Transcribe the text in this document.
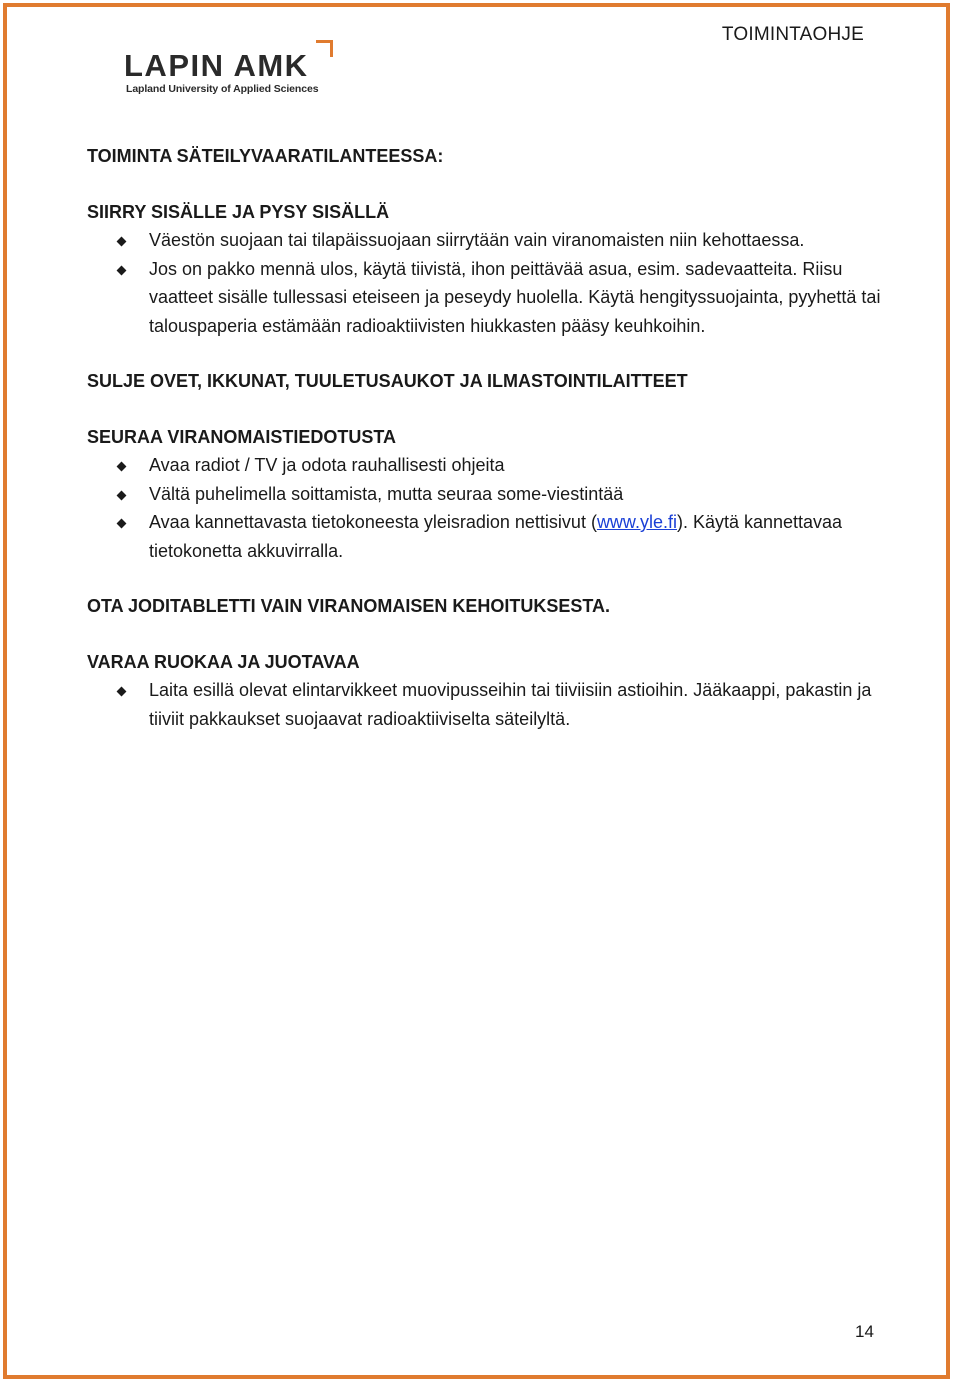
TOIMINTAOHJE
LAPIN AMK
Lapland University of Applied Sciences

TOIMINTA SÄTEILYVAARATILANTEESSA:

SIIRRY SISÄLLE JA PYSY SISÄLLÄ

Väestön suojaan tai tilapäissuojaan siirrytään vain viranomaisten niin kehottaessa.
Jos on pakko mennä ulos, käytä tiivistä, ihon peittävää asua, esim. sadevaatteita. Riisu vaatteet sisälle tullessasi eteiseen ja peseydy huolella. Käytä hengityssuojainta, pyyhettä tai talouspaperia estämään radioaktiivisten hiukkasten pääsy keuhkoihin.

SULJE OVET, IKKUNAT, TUULETUSAUKOT JA ILMASTOINTILAITTEET

SEURAA VIRANOMAISTIEDOTUSTA

Avaa radiot / TV ja odota rauhallisesti ohjeita
Vältä puhelimella soittamista, mutta seuraa some-viestintää
Avaa kannettavasta tietokoneesta yleisradion nettisivut (www.yle.fi). Käytä kannettavaa tietokonetta akkuvirralla.

OTA JODITABLETTI VAIN VIRANOMAISEN KEHOITUKSESTA.

VARAA RUOKAA JA JUOTAVAA

Laita esillä olevat elintarvikkeet muovipusseihin tai tiiviisiin astioihin. Jääkaappi, pakastin ja tiiviit pakkaukset suojaavat radioaktiiviselta säteilyltä.
14
